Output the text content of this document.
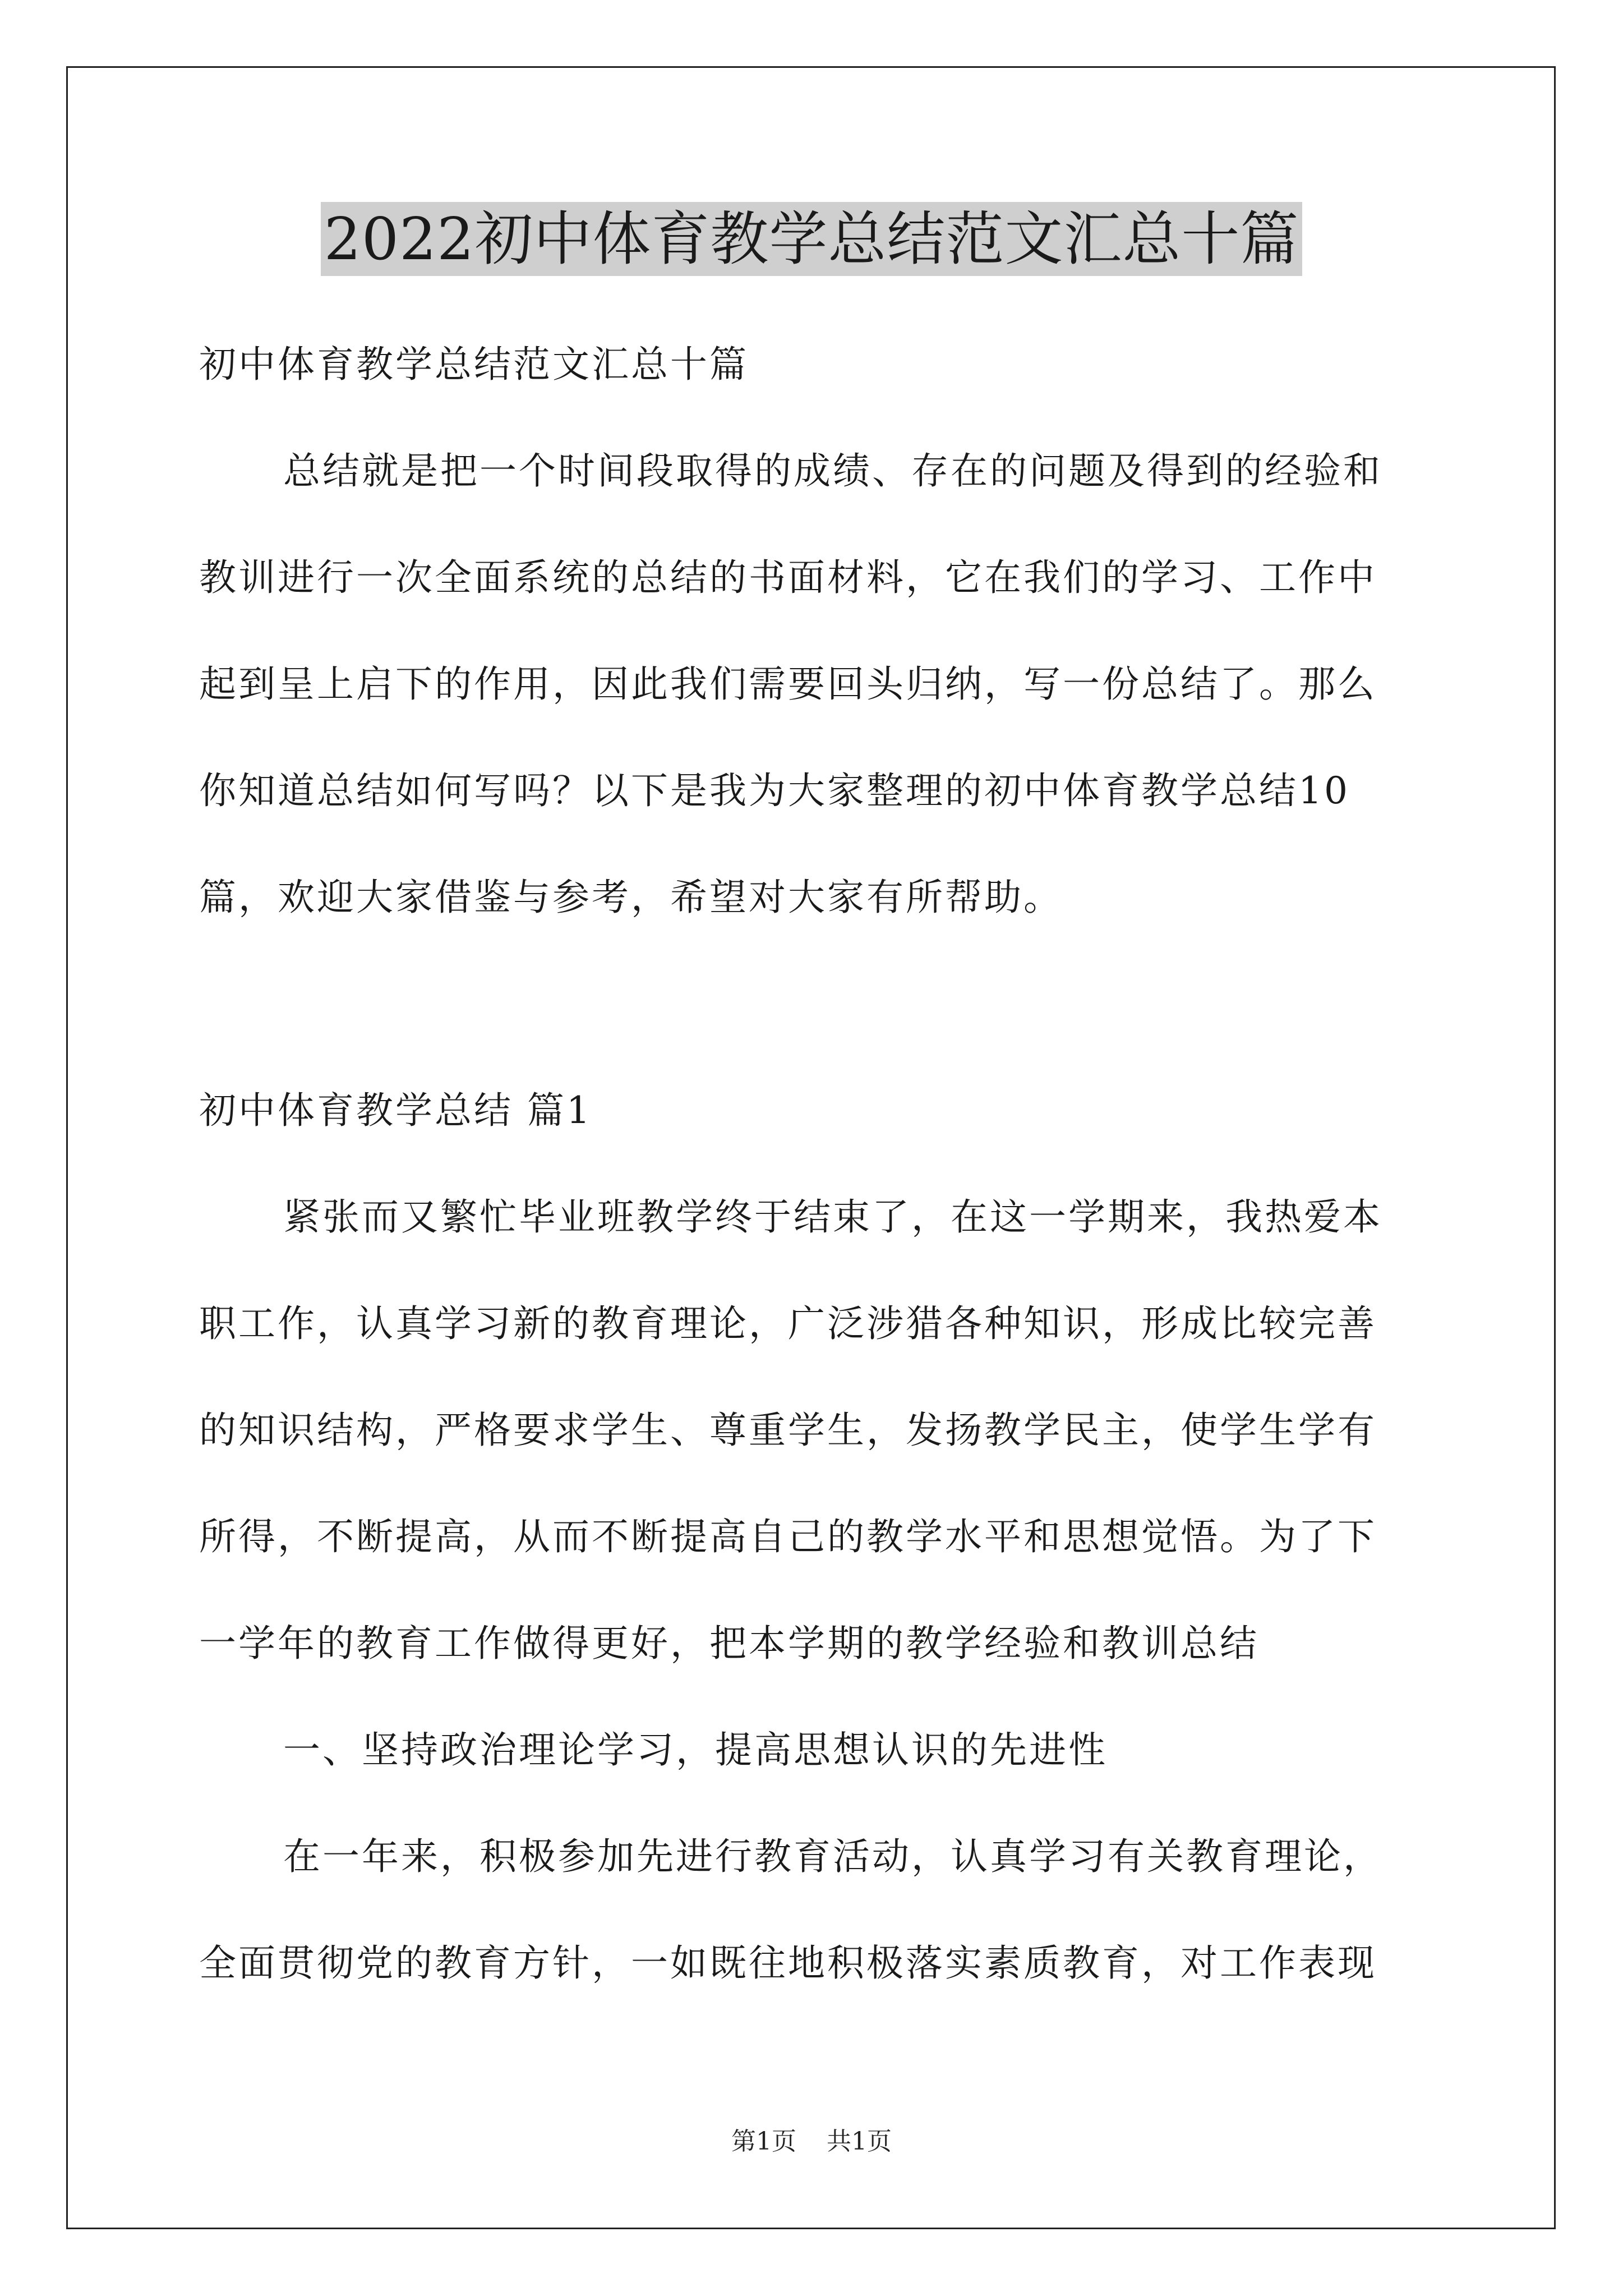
2022初中体育教学总结范文汇总十篇
初中体育教学总结范文汇总十篇
总结就是把一个时间段取得的成绩、存在的问题及得到的经验和
教训进行一次全面系统的总结的书面材料，它在我们的学习、工作中
起到呈上启下的作用，因此我们需要回头归纳，写一份总结了。那么
你知道总结如何写吗？以下是我为大家整理的初中体育教学总结10
篇，欢迎大家借鉴与参考，希望对大家有所帮助。
初中体育教学总结 篇1
紧张而又繁忙毕业班教学终于结束了，在这一学期来，我热爱本
职工作，认真学习新的教育理论，广泛涉猎各种知识，形成比较完善
的知识结构，严格要求学生、尊重学生，发扬教学民主，使学生学有
所得，不断提高，从而不断提高自己的教学水平和思想觉悟。为了下
一学年的教育工作做得更好，把本学期的教学经验和教训总结
一、坚持政治理论学习，提高思想认识的先进性
在一年来，积极参加先进行教育活动，认真学习有关教育理论，
全面贯彻党的教育方针，一如既往地积极落实素质教育，对工作表现
第1页 共1页
